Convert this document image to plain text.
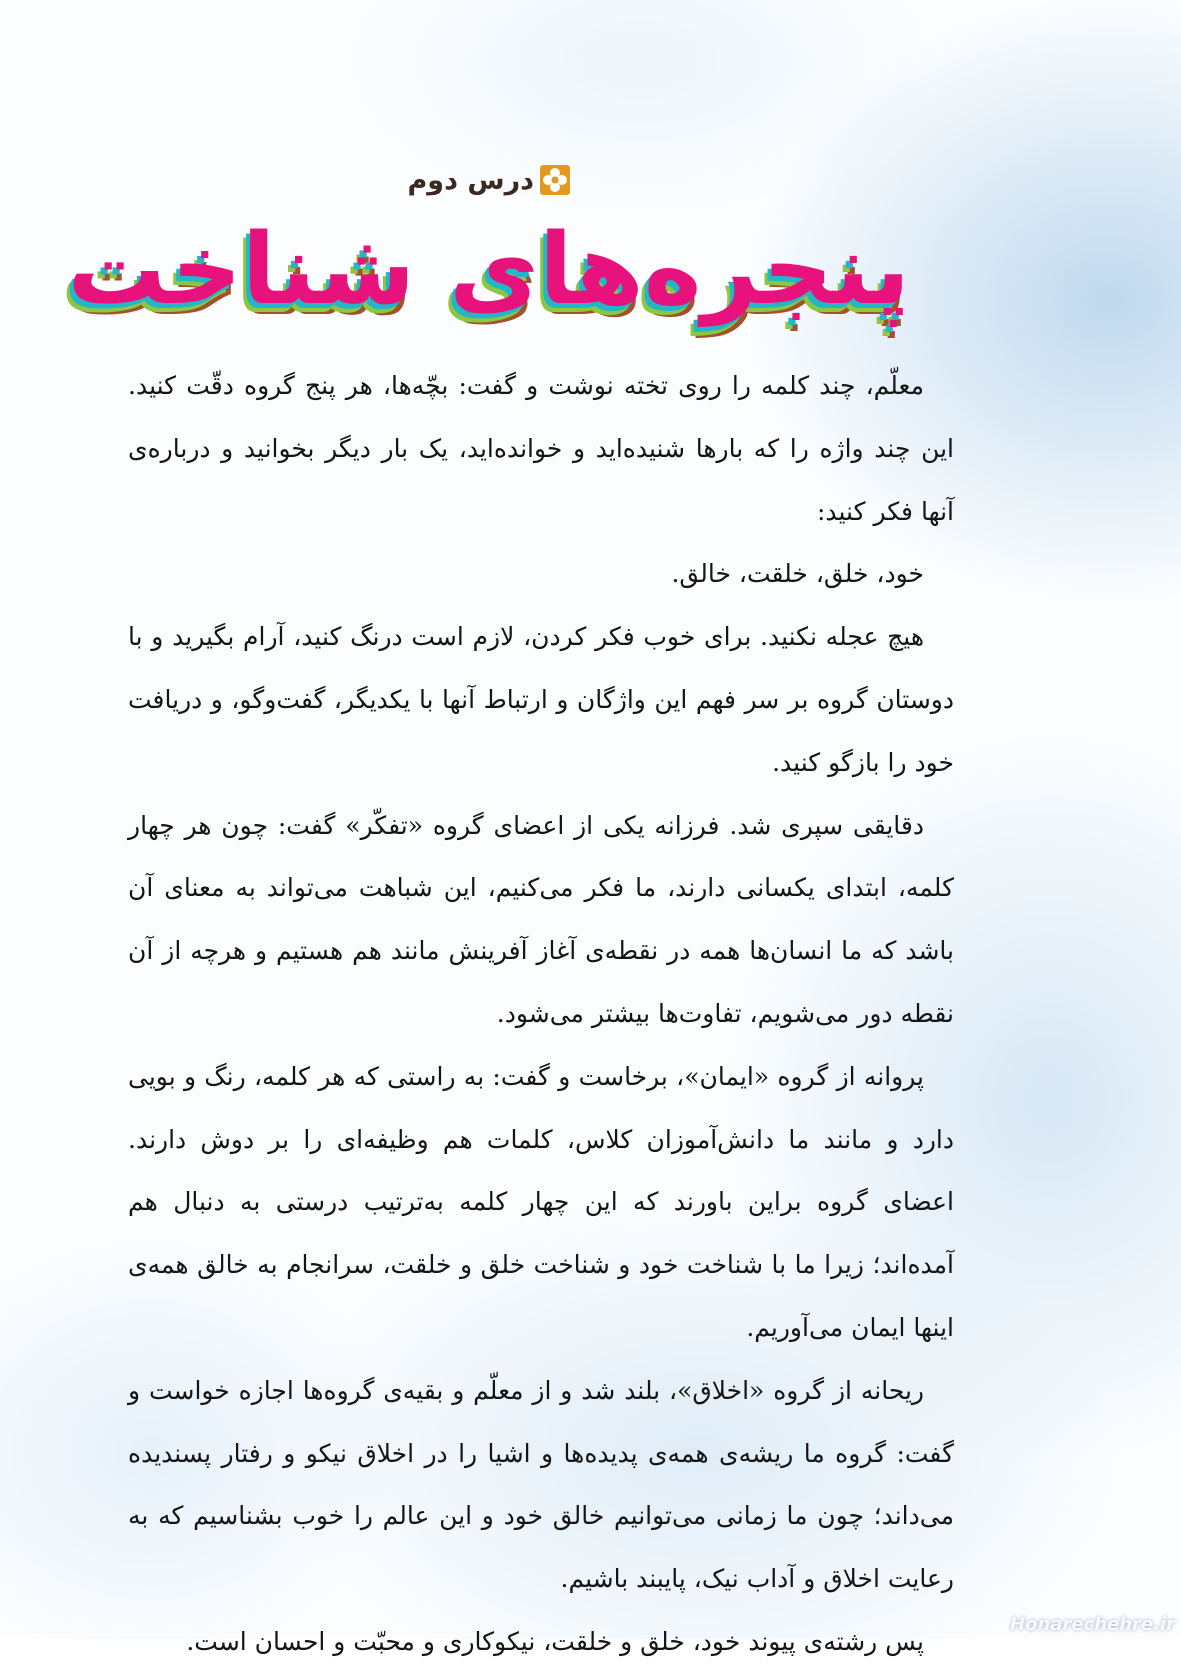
درس دوم
پنجره‌های شناخت

معلّم، چند کلمه را روی تخته نوشت و گفت: بچّه‌ها، هر پنج گروه دقّت کنید. این چند واژه را که بارها شنیده‌اید و خوانده‌اید، یک بار دیگر بخوانید و درباره‌ی آنها فکر کنید:

خود، خلق، خلقت، خالق.

هیچ عجله نکنید. برای خوب فکر کردن، لازم است درنگ کنید، آرام بگیرید و با دوستان گروه بر سر فهم این واژگان و ارتباط آنها با یکدیگر، گفت‌وگو، و دریافت خود را بازگو کنید.

دقایقی سپری شد. فرزانه یکی از اعضای گروه «تفکّر» گفت: چون هر چهار کلمه، ابتدای یکسانی دارند، ما فکر می‌کنیم، این شباهت می‌تواند به معنای آن باشد که ما انسان‌ها همه در نقطه‌ی آغاز آفرینش مانند هم هستیم و هرچه از آن نقطه دور می‌شویم، تفاوت‌ها بیشتر می‌شود.

پروانه از گروه «ایمان»، برخاست و گفت: به راستی که هر کلمه، رنگ و بویی دارد و مانند ما دانش‌آموزان کلاس، کلمات هم وظیفه‌ای را بر دوش دارند. اعضای گروه براین باورند که این چهار کلمه به‌ترتیب درستی به دنبال هم آمده‌اند؛ زیرا ما با شناخت خود و شناخت خلق و خلقت، سرانجام به خالق همه‌ی اینها ایمان می‌آوریم.

ریحانه از گروه «اخلاق»، بلند شد و از معلّم و بقیه‌ی گروه‌ها اجازه خواست و گفت: گروه ما ریشه‌ی همه‌ی پدیده‌ها و اشیا را در اخلاق نیکو و رفتار پسندیده می‌داند؛ چون ما زمانی می‌توانیم خالق خود و این عالم را خوب بشناسیم که به رعایت اخلاق و آداب نیک، پایبند باشیم.

پس رشته‌ی پیوند خود، خلق و خلقت، نیکوکاری و محبّت و احسان است.

Honarechehre.ir
